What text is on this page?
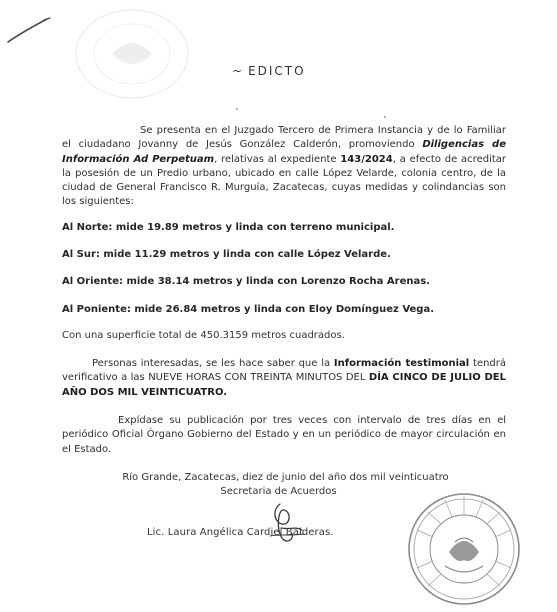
~ EDICTO

Se presenta en el Juzgado Tercero de Primera Instancia y de lo Familiar el ciudadano Jovanny de Jesús González Calderón, promoviendo Diligencias de Información Ad Perpetuam, relativas al expediente 143/2024, a efecto de acreditar la posesión de un Predio urbano, ubicado en calle López Velarde, colonia centro, de la ciudad de General Francisco R. Murguía, Zacatecas, cuyas medidas y colindancias son los siguientes:

Al Norte: mide 19.89 metros y linda con terreno municipal.
Al Sur: mide 11.29 metros y linda con calle López Velarde.
Al Oriente: mide 38.14 metros y linda con Lorenzo Rocha Arenas.
Al Poniente: mide 26.84 metros y linda con Eloy Domínguez Vega.
Con una superficie total de 450.3159 metros cuadrados.

Personas interesadas, se les hace saber que la Información testimonial tendrá verificativo a las NUEVE HORAS CON TREINTA MINUTOS DEL DÍA CINCO DE JULIO DEL AÑO DOS MIL VEINTICUATRO.

Expídase su publicación por tres veces con intervalo de tres días en el periódico Oficial Órgano Gobierno del Estado y en un periódico de mayor circulación en el Estado.

Río Grande, Zacatecas, diez de junio del año dos mil veinticuatro
Secretaria de Acuerdos
Lic. Laura Angélica Cardiel Balderas.
